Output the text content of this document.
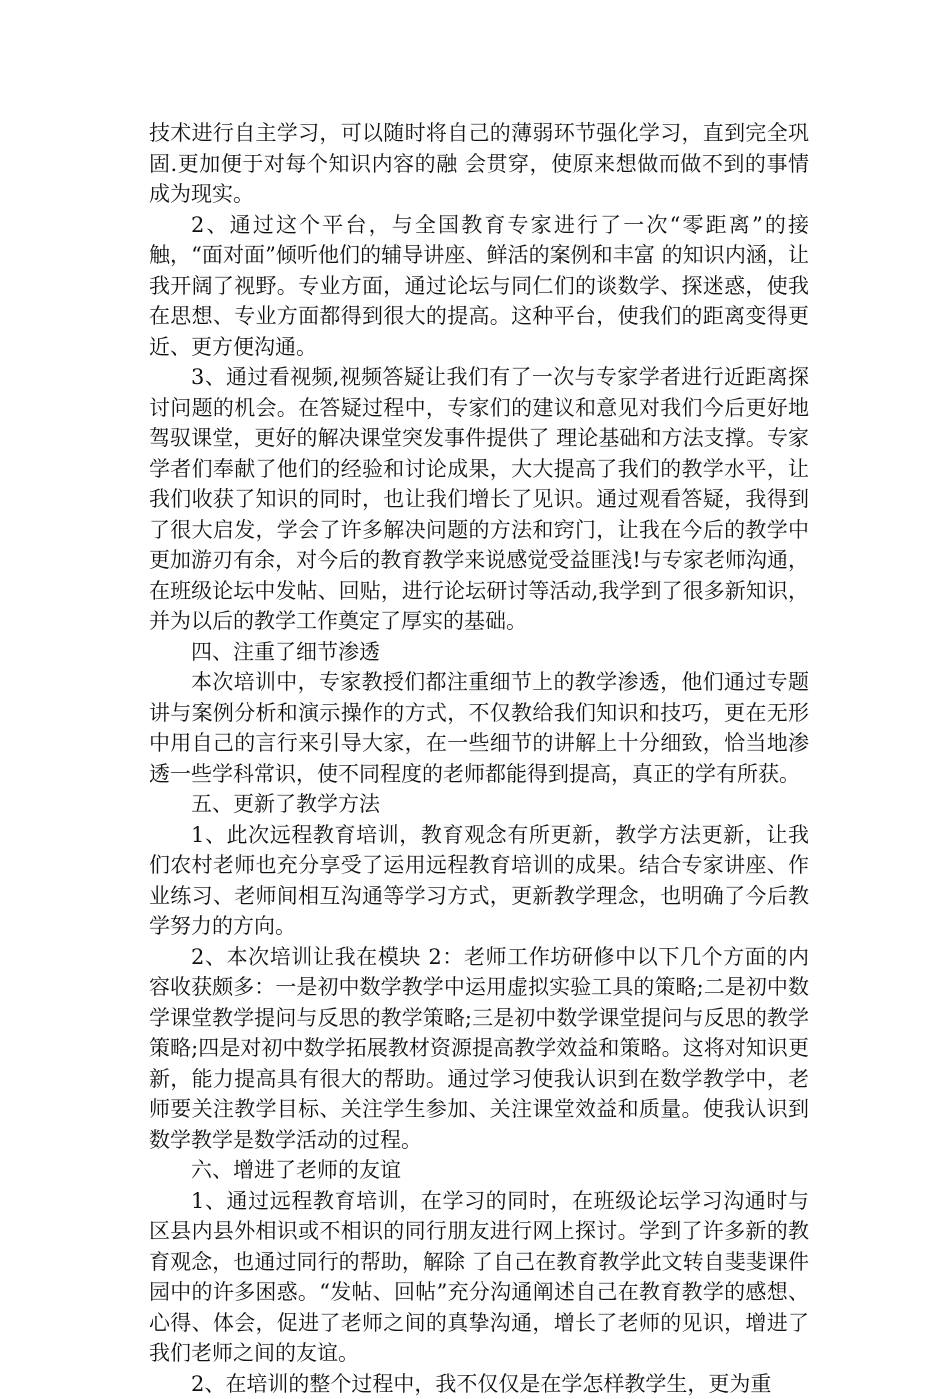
技术进行自主学习，可以随时将自己的薄弱环节强化学习，直到完全巩固.更加便于对每个知识内容的融 会贯穿，使原来想做而做不到的事情成为现实。

2、通过这个平台，与全国教育专家进行了一次“零距离”的接触，“面对面”倾听他们的辅导讲座、鲜活的案例和丰富 的知识内涵，让我开阔了视野。专业方面，通过论坛与同仁们的谈数学、探迷惑，使我在思想、专业方面都得到很大的提高。这种平台，使我们的距离变得更近、更方便沟通。

3、通过看视频,视频答疑让我们有了一次与专家学者进行近距离探讨问题的机会。在答疑过程中，专家们的建议和意见对我们今后更好地驾驭课堂，更好的解决课堂突发事件提供了 理论基础和方法支撑。专家学者们奉献了他们的经验和讨论成果，大大提高了我们的教学水平，让我们收获了知识的同时，也让我们增长了见识。通过观看答疑，我得到了很大启发，学会了许多解决问题的方法和窍门，让我在今后的教学中更加游刃有余，对今后的教育教学来说感觉受益匪浅!与专家老师沟通，在班级论坛中发帖、回贴，进行论坛研讨等活动,我学到了很多新知识，并为以后的教学工作奠定了厚实的基础。

四、注重了细节渗透

本次培训中，专家教授们都注重细节上的教学渗透，他们通过专题讲与案例分析和演示操作的方式，不仅教给我们知识和技巧，更在无形中用自己的言行来引导大家，在一些细节的讲解上十分细致，恰当地渗透一些学科常识，使不同程度的老师都能得到提高，真正的学有所获。

五、更新了教学方法

1、此次远程教育培训，教育观念有所更新，教学方法更新，让我们农村老师也充分享受了运用远程教育培训的成果。结合专家讲座、作业练习、老师间相互沟通等学习方式，更新教学理念，也明确了今后教学努力的方向。

2、本次培训让我在模块 2：老师工作坊研修中以下几个方面的内容收获颇多：一是初中数学教学中运用虚拟实验工具的策略;二是初中数学课堂教学提问与反思的教学策略;三是初中数学课堂提问与反思的教学策略;四是对初中数学拓展教材资源提高教学效益和策略。这将对知识更新，能力提高具有很大的帮助。通过学习使我认识到在数学教学中，老师要关注教学目标、关注学生参加、关注课堂效益和质量。使我认识到数学教学是数学活动的过程。

六、增进了老师的友谊

1、通过远程教育培训，在学习的同时，在班级论坛学习沟通时与区县内县外相识或不相识的同行朋友进行网上探讨。学到了许多新的教育观念，也通过同行的帮助，解除 了自己在教育教学此文转自斐斐课件园中的许多困惑。“发帖、回帖”充分沟通阐述自己在教育教学的感想、心得、体会，促进了老师之间的真挚沟通，增长了老师的见识，增进了我们老师之间的友谊。

2、在培训的整个过程中，我不仅仅是在学怎样教学生，更为重
